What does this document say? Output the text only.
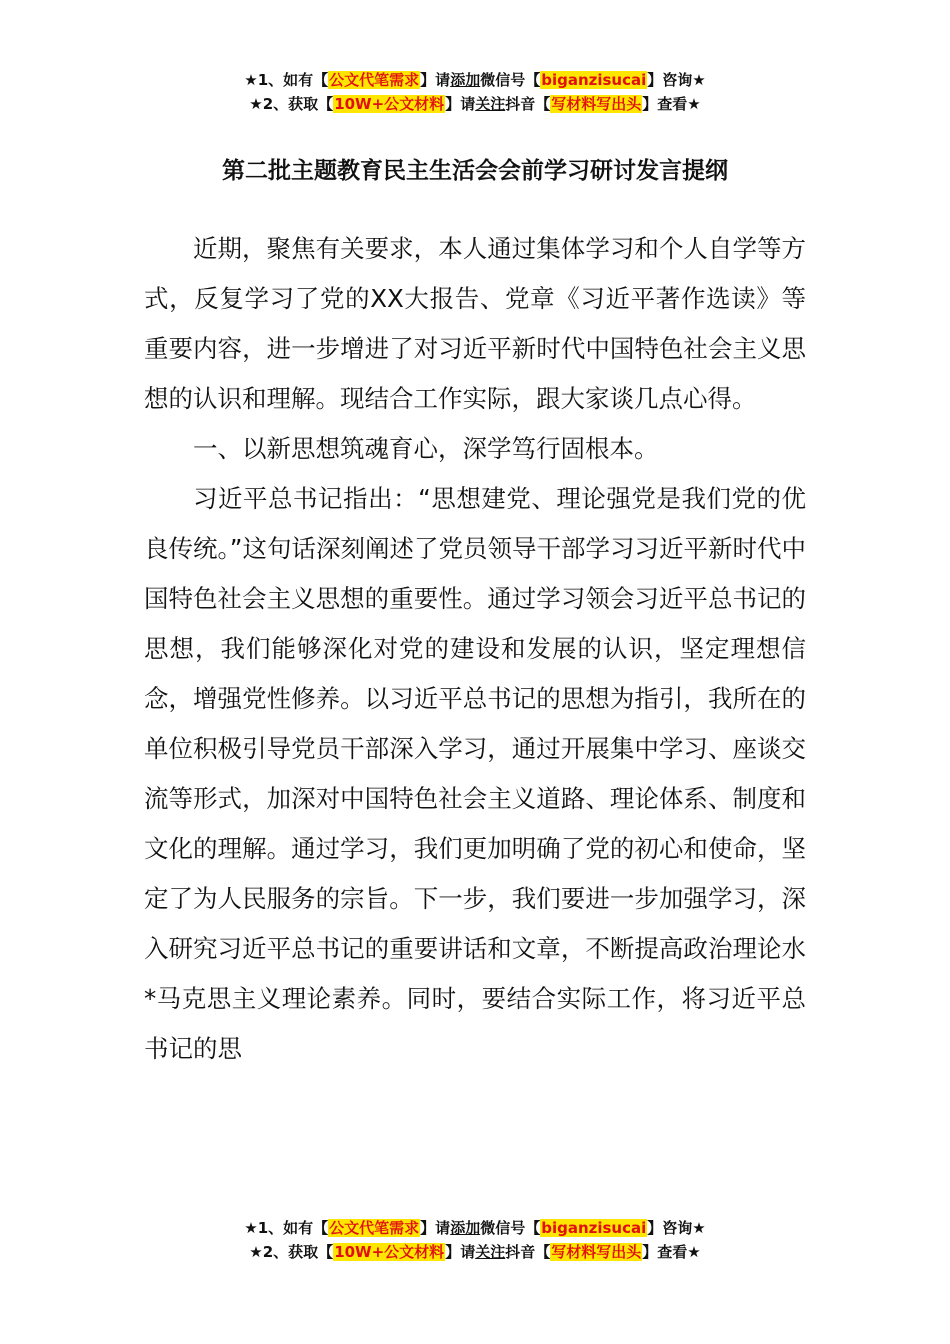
★1、如有【公文代笔需求】请添加微信号【biganzisucai】咨询★
★2、获取【10W+公文材料】请关注抖音【写材料写出头】查看★
第二批主题教育民主生活会会前学习研讨发言提纲

近期，聚焦有关要求，本人通过集体学习和个人自学等方式，反复学习了党的XX大报告、党章《习近平著作选读》等重要内容，进一步增进了对习近平新时代中国特色社会主义思想的认识和理解。现结合工作实际，跟大家谈几点心得。

一、以新思想筑魂育心，深学笃行固根本。

习近平总书记指出：“思想建党、理论强党是我们党的优良传统。”这句话深刻阐述了党员领导干部学习习近平新时代中国特色社会主义思想的重要性。通过学习领会习近平总书记的思想，我们能够深化对党的建设和发展的认识，坚定理想信念，增强党性修养。以习近平总书记的思想为指引，我所在的单位积极引导党员干部深入学习，通过开展集中学习、座谈交流等形式，加深对中国特色社会主义道路、理论体系、制度和文化的理解。通过学习，我们更加明确了党的初心和使命，坚定了为人民服务的宗旨。下一步，我们要进一步加强学习，深入研究习近平总书记的重要讲话和文章，不断提高政治理论水*马克思主义理论素养。同时，要结合实际工作，将习近平总书记的思

★1、如有【公文代笔需求】请添加微信号【biganzisucai】咨询★
★2、获取【10W+公文材料】请关注抖音【写材料写出头】查看★
